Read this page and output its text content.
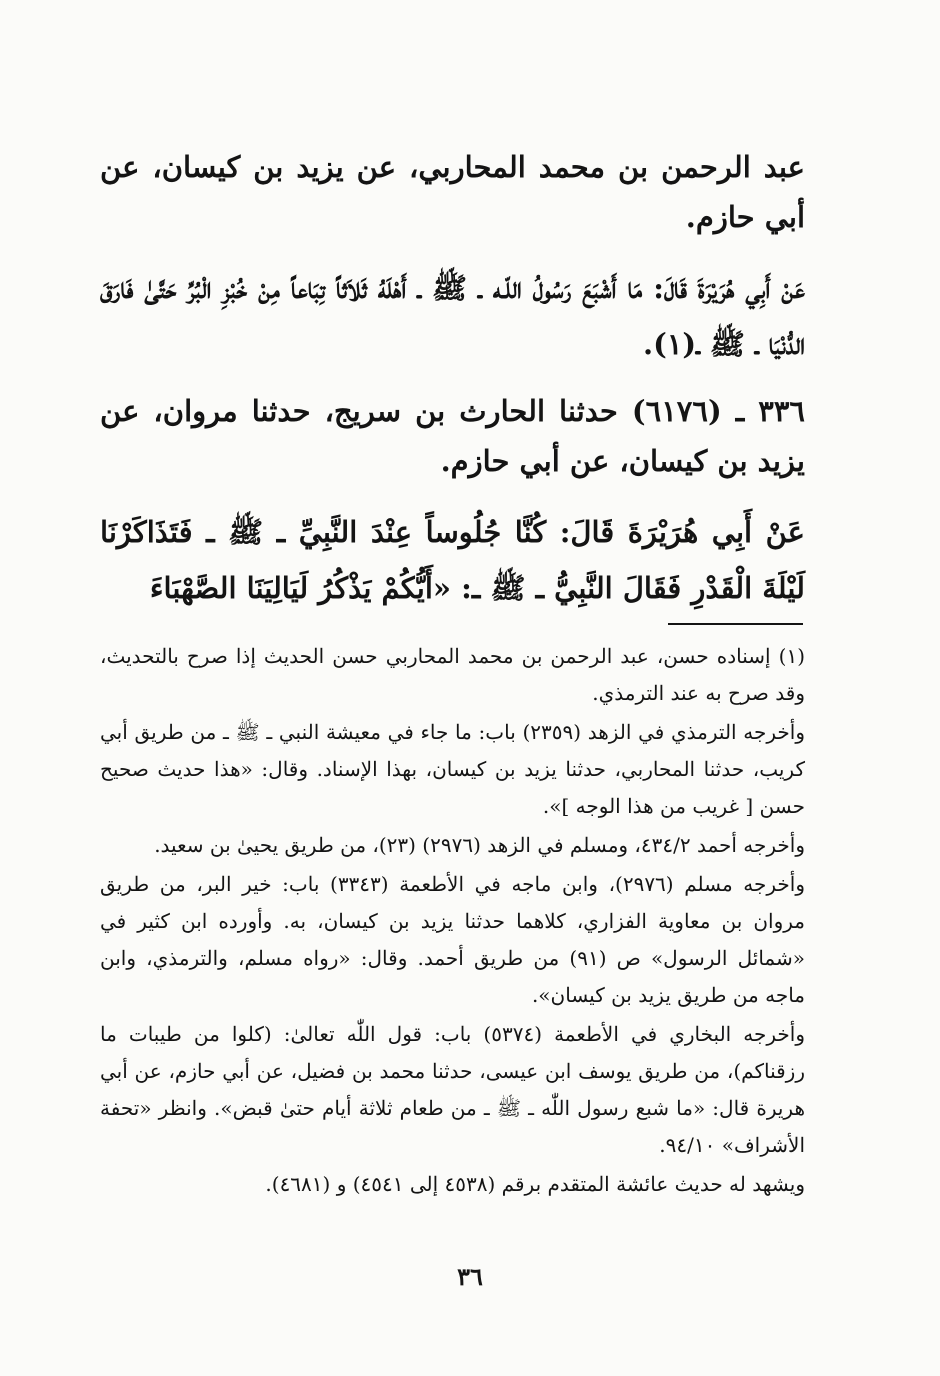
عبد الرحمن بن محمد المحاربي، عن يزيد بن كيسان، عن أبي حازم.

عَنْ أَبِي هُرَيْرَةَ قَالَ: مَا أَشْبَعَ رَسُولُ اللّـه ـ ﷺ ـ أَهْلَهُ ثَلاَثاً تِبَاعاً مِنْ خُبْزِ الْبُرِّ حَتَّىٰ فَارَقَ الدُّنْيَا ـ ﷺ ـ(١).

٣٣٦ ـ (٦١٧٦) حدثنا الحارث بن سريج، حدثنا مروان، عن يزيد بن كيسان، عن أبي حازم.

عَنْ أَبِي هُرَيْرَةَ قَالَ: كُنَّا جُلُوساً عِنْدَ النَّبِيِّ ـ ﷺ ـ فَتَذَاكَرْنَا لَيْلَةَ الْقَدْرِ فَقَالَ النَّبِيُّ ـ ﷺ ـ: «أَيُّكُمْ يَذْكُرُ لَيَالِيَنَا الصَّهْبَاءَ

(١) إسناده حسن، عبد الرحمن بن محمد المحاربي حسن الحديث إذا صرح بالتحديث، وقد صرح به عند الترمذي.

وأخرجه الترمذي في الزهد (٢٣٥٩) باب: ما جاء في معيشة النبي ـ ﷺ ـ من طريق أبي كريب، حدثنا المحاربي، حدثنا يزيد بن كيسان، بهذا الإسناد. وقال: «هذا حديث صحيح حسن [ غريب من هذا الوجه ]».

وأخرجه أحمد ٤٣٤/٢، ومسلم في الزهد (٢٩٧٦) (٢٣)، من طريق يحيىٰ بن سعيد.

وأخرجه مسلم (٢٩٧٦)، وابن ماجه في الأطعمة (٣٣٤٣) باب: خير البر، من طريق مروان بن معاوية الفزاري، كلاهما حدثنا يزيد بن كيسان، به. وأورده ابن كثير في «شمائل الرسول» ص (٩١) من طريق أحمد. وقال: «رواه مسلم، والترمذي، وابن ماجه من طريق يزيد بن كيسان».

وأخرجه البخاري في الأطعمة (٥٣٧٤) باب: قول اللّٰه تعالىٰ: (كلوا من طيبات ما رزقناكم)، من طريق يوسف ابن عيسى، حدثنا محمد بن فضيل، عن أبي حازم، عن أبي هريرة قال: «ما شبع رسول اللّٰه ـ ﷺ ـ من طعام ثلاثة أيام حتىٰ قبض». وانظر «تحفة الأشراف» ٩٤/١٠.

ويشهد له حديث عائشة المتقدم برقم (٤٥٣٨ إلى ٤٥٤١) و (٤٦٨١).

٣٦
